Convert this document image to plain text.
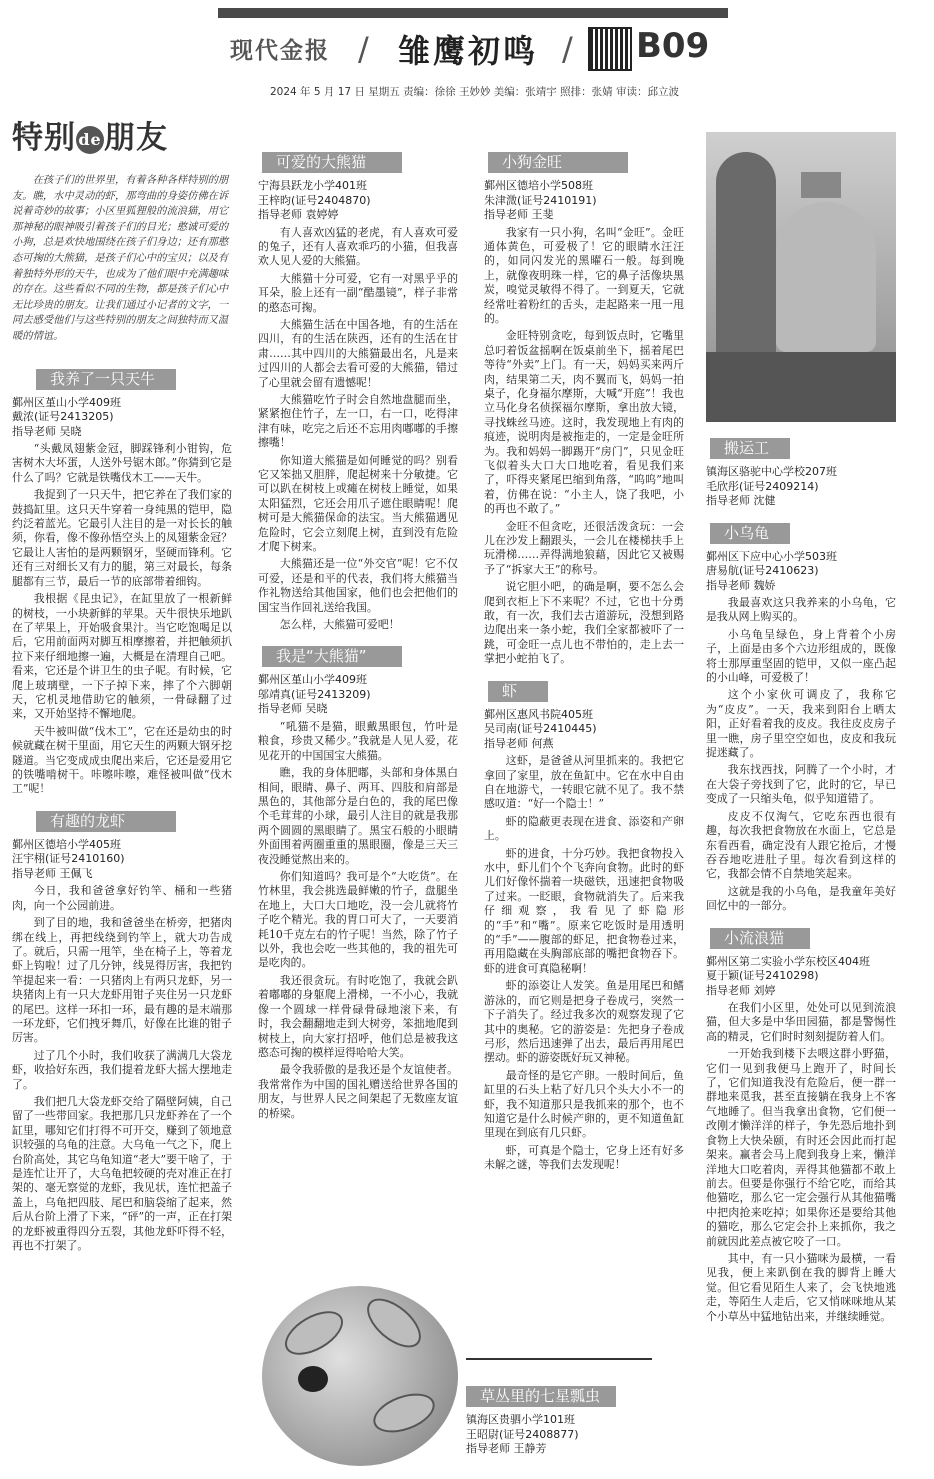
现代金报 / 雏鹰初鸣 / B09
2024 年 5 月 17 日 星期五 责编：徐徐 王妙妙 美编：张靖宇 照排：张婧 审读：邱立波
特别 de朋友

在孩子们的世界里，有着各种各样特别的朋友。瞧，水中灵动的虾，那弯曲的身姿仿佛在诉说着奇妙的故事；小区里狐狸般的流浪猫，用它那神秘的眼神吸引着孩子们的目光；憨诚可爱的小狗，总是欢快地围绕在孩子们身边；还有那憨态可掬的大熊猫，是孩子们心中的宝贝；以及有着独特外形的天牛，也成为了他们眼中充满趣味的存在。这些看似不同的生物，都是孩子们心中无比珍贵的朋友。让我们通过小记者的文字，一同去感受他们与这些特别的朋友之间独特而又温暖的情谊。

我养了一只天牛
鄞州区堇山小学409班
戴浓(证号2413205)
指导老师 吴晓

“头戴凤翅紫金冠，脚踩锋利小钳钩，危害树木大坏蛋，人送外号锯木郎。”你猜到它是什么了吗？它就是铁嘴伐木工——天牛。

我捉到了一只天牛，把它养在了我们家的鼓捣缸里。这只天牛穿着一身纯黑的铠甲，隐约泛着蓝光。它最引人注目的是一对长长的触须，你看，像不像孙悟空头上的凤翅紫金冠？它最让人害怕的是两颗钢牙，坚硬而锋利。它还有三对细长又有力的腿，第三对最长，每条腿都有三节，最后一节的底部带着细钩。

我根据《昆虫记》，在缸里放了一根新鲜的树枝，一小块新鲜的苹果。天牛很快乐地趴在了苹果上，开始吸食果汁。当它吃饱喝足以后，它用前面两对脚互相摩擦着，并把触须扒拉下来仔细地擦一遍，大概是在清理自己吧。看来，它还是个讲卫生的虫子呢。有时候，它爬上玻璃壁，一下子掉下来，摔了个六脚朝天，它机灵地借助它的触须，一骨碌翻了过来，又开始坚持不懈地爬。

天牛被叫做“伐木工”，它在还是幼虫的时候就藏在树干里面，用它天生的两颗大钢牙挖隧道。当它变成成虫爬出来后，它还是爱用它的铁嘴啃树干。咔嚓咔嚓，难怪被叫做“伐木工”呢！

有趣的龙虾
鄞州区德培小学405班
汪宇栩(证号2410160)
指导老师 王佩飞

今日，我和爸爸拿好钓竿、桶和一些猪肉，向一个公园前进。

到了目的地，我和爸爸坐在桥旁，把猪肉绑在线上，再把线绕到钓竿上，就大功告成了。就后，只需一甩竿，坐在椅子上，等着龙虾上钩啦！过了几分钟，线晃得厉害，我把钓竿提起来一看：一只猪肉上有两只龙虾，另一块猪肉上有一只大龙虾用钳子夹住另一只龙虾的尾巴。这样一环扣一环，最有趣的是末端那一环龙虾，它们拽牙舞爪，好像在比谁的钳子厉害。

过了几个小时，我们收获了满满几大袋龙虾，收拾好东西，我们提着龙虾大摇大摆地走了。

我们把几大袋龙虾交给了隔壁阿姨，自己留了一些带回家。我把那几只龙虾养在了一个缸里，哪知它们打得不可开交，赚到了领地意识较强的乌龟的注意。大乌龟一气之下，爬上台阶高处，其它乌龟知道“老大”要干啥了，于是连忙让开了，大乌龟把较硬的壳对准正在打架的、毫无察觉的龙虾，我见状，连忙把盖子盖上，乌龟把四肢、尾巴和脑袋缩了起来，然后从台阶上滑了下来，“砰”的一声，正在打架的龙虾被重得四分五裂，其他龙虾吓得不轻，再也不打架了。

可爱的大熊猫
宁海县跃龙小学401班
王梓昀(证号2404870)
指导老师 袁婷婷

有人喜欢凶猛的老虎，有人喜欢可爱的兔子，还有人喜欢乖巧的小猫，但我喜欢人见人爱的大熊猫。

大熊猫十分可爱，它有一对黑乎乎的耳朵，脸上还有一副“酷墨镜”，样子非常的憨态可掬。

大熊猫生活在中国各地，有的生活在四川，有的生活在陕西，还有的生活在甘肃……其中四川的大熊猫最出名，凡是来过四川的人都会去看可爱的大熊猫，错过了心里就会留有遗憾呢！

大熊猫吃竹子时会自然地盘腿而坐，紧紧抱住竹子，左一口，右一口，吃得津津有味，吃完之后还不忘用肉嘟嘟的手擦擦嘴！

你知道大熊猫是如何睡觉的吗？别看它又笨拙又胆胖，爬起树来十分敏捷。它可以趴在树枝上或瘫在树枝上睡觉，如果太阳猛烈，它还会用爪子遮住眼睛呢！爬树可是大熊猫保命的法宝。当大熊猫遇见危险时，它会立刻爬上树，直到没有危险才爬下树来。

大熊猫还是一位“外交官”呢！它不仅可爱，还是和平的代表，我们将大熊猫当作礼物送给其他国家，他们也会把他们的国宝当作回礼送给我国。

怎么样，大熊猫可爱吧！

我是“大熊猫”
鄞州区堇山小学409班
邬靖真(证号2413209)
指导老师 吴晓

“吼猫不是猫，眼戴黑眼包，竹叶是粮食，珍贵又稀少。”我就是人见人爱，花见花开的中国国宝大熊猫。

瞧，我的身体肥嘟，头部和身体黑白相间，眼睛、鼻子、两耳、四肢和肩部是黑色的，其他部分是白色的，我的尾巴像个毛茸茸的小球，最引人注目的就是我那两个圆圆的黑眼睛了。黑宝石般的小眼睛外面围着两圈重重的黑眼圈，像是三天三夜没睡觉熬出来的。

你们知道吗？我可是个“大吃货”。在竹林里，我会挑选最鲜嫩的竹子，盘腿坐在地上，大口大口地吃，没一会儿就将竹子吃个精光。我的胃口可大了，一天要消耗10千克左右的竹子呢！当然，除了竹子以外，我也会吃一些其他的，我的祖先可是吃肉的。

我还很贪玩。有时吃饱了，我就会趴着嘟嘟的身躯爬上滑梯，一不小心，我就像一个圆球一样骨碌骨碌地滚下来，有时，我会翻翻地走到大树旁，笨拙地爬到树枝上，向大家打招呼，他们总是被我这憨态可掬的模样逗得哈哈大笑。

最令我骄傲的是我还是个友谊使者。我常常作为中国的国礼赠送给世界各国的朋友，与世界人民之间架起了无数座友谊的桥梁。

小狗金旺
鄞州区德培小学508班
朱津溦(证号2410191)
指导老师 王斐

我家有一只小狗，名叫“金旺”。金旺通体黄色，可爱极了！它的眼睛水汪汪的，如同闪发光的黑曜石一般。每到晚上，就像夜明珠一样，它的鼻子活像块黑炭，嗅觉灵敏得不得了。一到夏天，它就经常吐着粉红的舌头，走起路来一甩一甩的。

金旺特别贪吃，每到饭点时，它嘴里总叼着饭盆摇啊在饭桌前坐下，摇着尾巴等待“外卖”上门。有一天，妈妈买来两斤肉，结果第二天，肉不翼而飞，妈妈一拍桌子，化身福尔摩斯，大喊“开庭”！我也立马化身名侦探福尔摩斯，拿出放大镜，寻找蛛丝马迹。这时，我发现地上有肉的痕迹，说明肉是被拖走的，一定是金旺所为。我和妈妈一脚踢开“房门”，只见金旺飞似着头大口大口地吃着，看见我们来了，吓得夹紧尾巴缩到角落，“呜呜”地叫着，仿佛在说：“小主人，饶了我吧，小的再也不敢了。”

金旺不但贪吃，还很活泼贪玩：一会儿在沙发上翻跟头，一会儿在楼梯扶手上玩滑梯……弄得满地狼藉，因此它又被赐予了“拆家大王”的称号。

说它胆小吧，的确是啊，要不怎么会爬到衣柜上下不来呢？不过，它也十分勇敢，有一次，我们去古道游玩，没想到路边爬出来一条小蛇，我们全家都被吓了一跳，可金旺一点儿也不带怕的，走上去一掌把小蛇拍飞了。

虾
鄞州区惠风书院405班
吴司南(证号2410445)
指导老师 何燕

这虾，是爸爸从河里抓来的。我把它拿回了家里，放在鱼缸中。它在水中自由自在地游弋，一转眼它就不见了。我不禁感叹道：“好一个隐士！”

虾的隐蔽更表现在进食、添姿和产卵上。

虾的进食，十分巧妙。我把食物投入水中，虾儿们个个飞奔向食物。此时的虾儿们好像怀揣着一块磁铁，迅速把食物吸了过来。一眨眼，食物就消失了。后来我仔细观察，我看见了虾隐形的“手”和“嘴”。原来它吃饭时是用透明的“手”——腹部的虾足，把食物卷过来，再用隐藏在头胸部底部的嘴把食物吞下。虾的进食可真隐秘啊！

虾的添姿让人发笑。鱼是用尾巴和鳍游泳的，而它则是把身子卷成弓，突然一下子消失了。经过我多次的观察发现了它其中的奥秘。它的游姿是：先把身子卷成弓形，然后迅速弹了出去，最后再用尾巴摆动。虾的游姿既好玩又神秘。

最奇怪的是它产卵。一般时间后，鱼缸里的石头上粘了好几只个头大小不一的虾，我不知道那只是我抓来的那个，也不知道它是什么时候产卵的，更不知道鱼缸里现在到底有几只虾。

虾，可真是个隐士，它身上还有好多未解之谜，等我们去发现呢！

草丛里的七星瓢虫
镇海区贵驷小学101班
王昭尉(证号2408877)
指导老师 王静芳
搬运工
镇海区骆驼中心学校207班
毛欣彤(证号2409214)
指导老师 沈健
小乌龟
鄞州区下应中心小学503班
唐易航(证号2410623)
指导老师 魏娇

我最喜欢这只我养来的小乌龟，它是我从网上购买的。

小乌龟呈绿色，身上背着个小房子，上面是由多个六边形组成的，既像将士那厚重坚固的铠甲，又似一座凸起的小山峰，可爱极了！

这个小家伙可调皮了，我称它为“皮皮”。一天，我来到阳台上晒太阳，正好看着我的皮皮。我往皮皮房子里一瞧，房子里空空如也，皮皮和我玩捉迷藏了。

我东找西找，阿腾了一个小时，才在大袋子旁找到了它，此时的它，早已变成了一只缩头龟，似乎知道错了。

皮皮不仅淘气，它吃东西也很有趣，每次我把食物放在水面上，它总是东看西看，确定没有人跟它抢后，才慢吞吞地吃进肚子里。每次看到这样的它，我都会情不自禁地笑起来。

这就是我的小乌龟，是我童年美好回忆中的一部分。

小流浪猫
鄞州区第二实验小学东校区404班
夏于颖(证号2410298)
指导老师 刘婷

在我们小区里，处处可以见到流浪猫，但大多是中华田园猫，都是警惕性高的精灵，它们时时刻刻提防着人们。

一开始我到楼下去喂这群小野猫，它们一见到我便马上跑开了，时间长了，它们知道我没有危险后，便一群一群地来觅我，甚至直接躺在我身上不客气地睡了。但当我拿出食物，它们便一改刚才懒洋洋的样子，争先恐后地扑到食物上大快朵颐，有时还会因此而打起架来。赢者会马上爬到我身上来，懒洋洋地大口吃着肉，弄得其他猫都不敢上前去。但要是你强行不给它吃，而给其他猫吃，那么它一定会强行从其他猫嘴中把肉抢来吃掉；如果你还是要给其他的猫吃，那么它定会扑上来抓你，我之前就因此差点被它咬了一口。

其中，有一只小猫咪为最横，一看见我，便上来趴倒在我的脚背上睡大觉。但它看见陌生人来了，会飞快地逃走，等陌生人走后，它又悄咪咪地从某个小草丛中猛地钻出来，并继续睡觉。
